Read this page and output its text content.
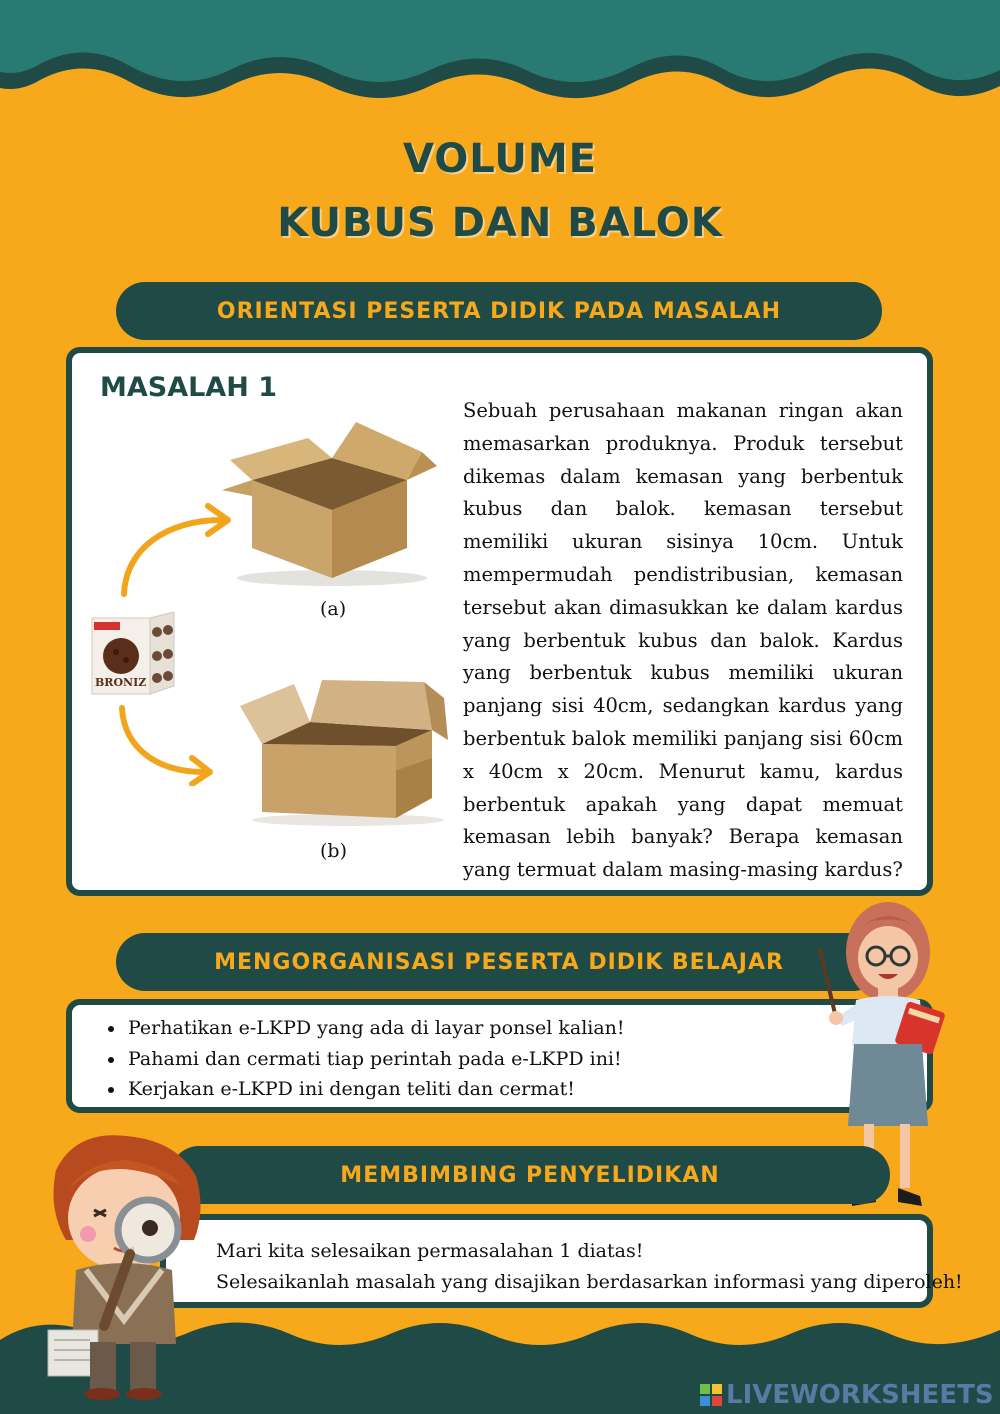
VOLUME
KUBUS DAN BALOK
ORIENTASI PESERTA DIDIK PADA MASALAH
MASALAH 1
(a)
BRONIZ
(b)
Sebuah perusahaan makanan ringan akan memasarkan produknya. Produk tersebut dikemas dalam kemasan yang berbentuk kubus dan balok. kemasan tersebut memiliki ukuran sisinya 10cm. Untuk mempermudah pendistribusian, kemasan tersebut akan dimasukkan ke dalam kardus yang berbentuk kubus dan balok. Kardus yang berbentuk kubus memiliki ukuran panjang sisi 40cm, sedangkan kardus yang berbentuk balok memiliki panjang sisi 60cm x 40cm x 20cm. Menurut kamu, kardus berbentuk apakah yang dapat memuat kemasan lebih banyak? Berapa kemasan yang termuat dalam masing-masing kardus?
MENGORGANISASI PESERTA DIDIK BELAJAR
• Perhatikan e-LKPD yang ada di layar ponsel kalian!
• Pahami dan cermati tiap perintah pada e-LKPD ini!
• Kerjakan e-LKPD ini dengan teliti dan cermat!
MEMBIMBING PENYELIDIKAN
Mari kita selesaikan permasalahan 1 diatas!
Selesaikanlah masalah yang disajikan berdasarkan informasi yang diperoleh!
LIVEWORKSHEETS
